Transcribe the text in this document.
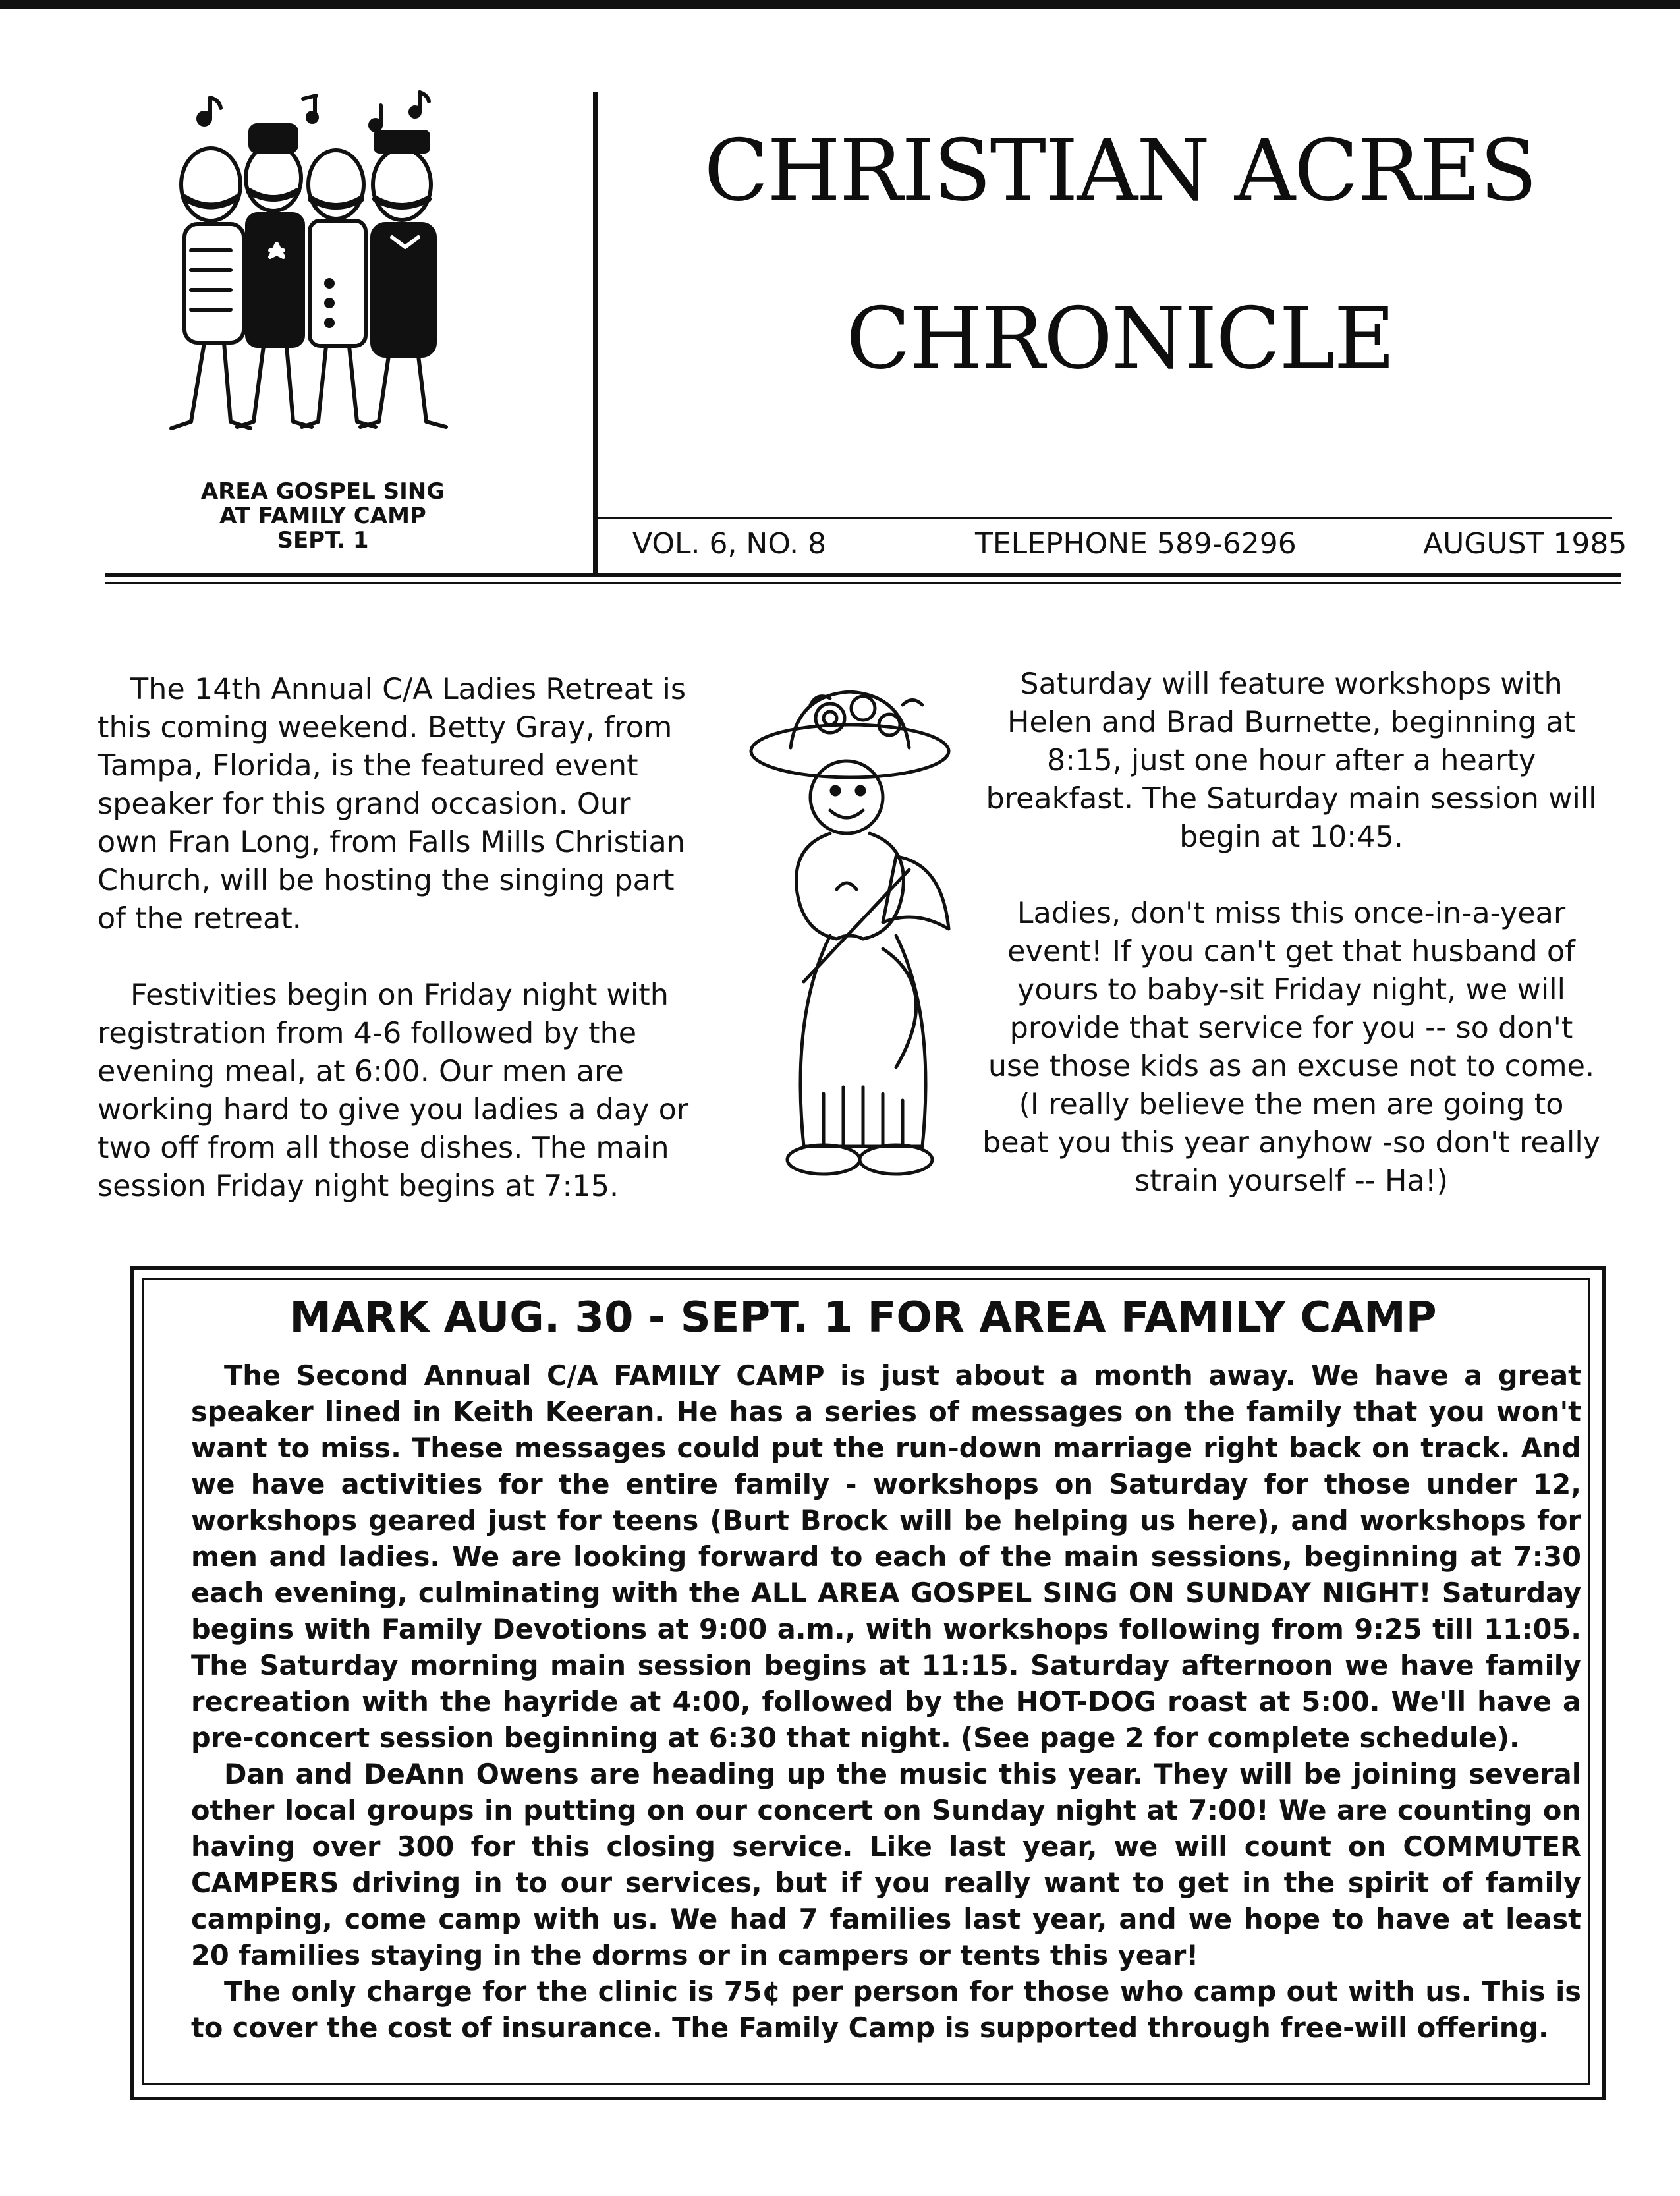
AREA GOSPEL SING
AT FAMILY CAMP
SEPT. 1
CHRISTIAN ACRES
CHRONICLE
VOL. 6, NO. 8	TELEPHONE 589-6296	AUGUST 1985

The 14th Annual C/A Ladies Retreat is this coming weekend. Betty Gray, from Tampa, Florida, is the featured event speaker for this grand occasion. Our own Fran Long, from Falls Mills Christian Church, will be hosting the singing part of the retreat.

Festivities begin on Friday night with registration from 4-6 followed by the evening meal, at 6:00. Our men are working hard to give you ladies a day or two off from all those dishes. The main session Friday night begins at 7:15.

Saturday will feature workshops with Helen and Brad Burnette, beginning at 8:15, just one hour after a hearty breakfast. The Saturday main session will begin at 10:45.

Ladies, don't miss this once-in-a-year event! If you can't get that husband of yours to baby-sit Friday night, we will provide that service for you -- so don't use those kids as an excuse not to come. (I really believe the men are going to beat you this year anyhow -so don't really strain yourself -- Ha!)

MARK AUG. 30 - SEPT. 1 FOR AREA FAMILY CAMP

The Second Annual C/A FAMILY CAMP is just about a month away. We have a great speaker lined in Keith Keeran. He has a series of messages on the family that you won't want to miss. These messages could put the run-down marriage right back on track. And we have activities for the entire family - workshops on Saturday for those under 12, workshops geared just for teens (Burt Brock will be helping us here), and workshops for men and ladies. We are looking forward to each of the main sessions, beginning at 7:30 each evening, culminating with the ALL AREA GOSPEL SING ON SUNDAY NIGHT! Saturday begins with Family Devotions at 9:00 a.m., with workshops following from 9:25 till 11:05. The Saturday morning main session begins at 11:15. Saturday afternoon we have family recreation with the hayride at 4:00, followed by the HOT-DOG roast at 5:00. We'll have a pre-concert session beginning at 6:30 that night. (See page 2 for complete schedule).

Dan and DeAnn Owens are heading up the music this year. They will be joining several other local groups in putting on our concert on Sunday night at 7:00! We are counting on having over 300 for this closing service. Like last year, we will count on COMMUTER CAMPERS driving in to our services, but if you really want to get in the spirit of family camping, come camp with us. We had 7 families last year, and we hope to have at least 20 families staying in the dorms or in campers or tents this year!

The only charge for the clinic is 75¢ per person for those who camp out with us. This is to cover the cost of insurance. The Family Camp is supported through free-will offering.
